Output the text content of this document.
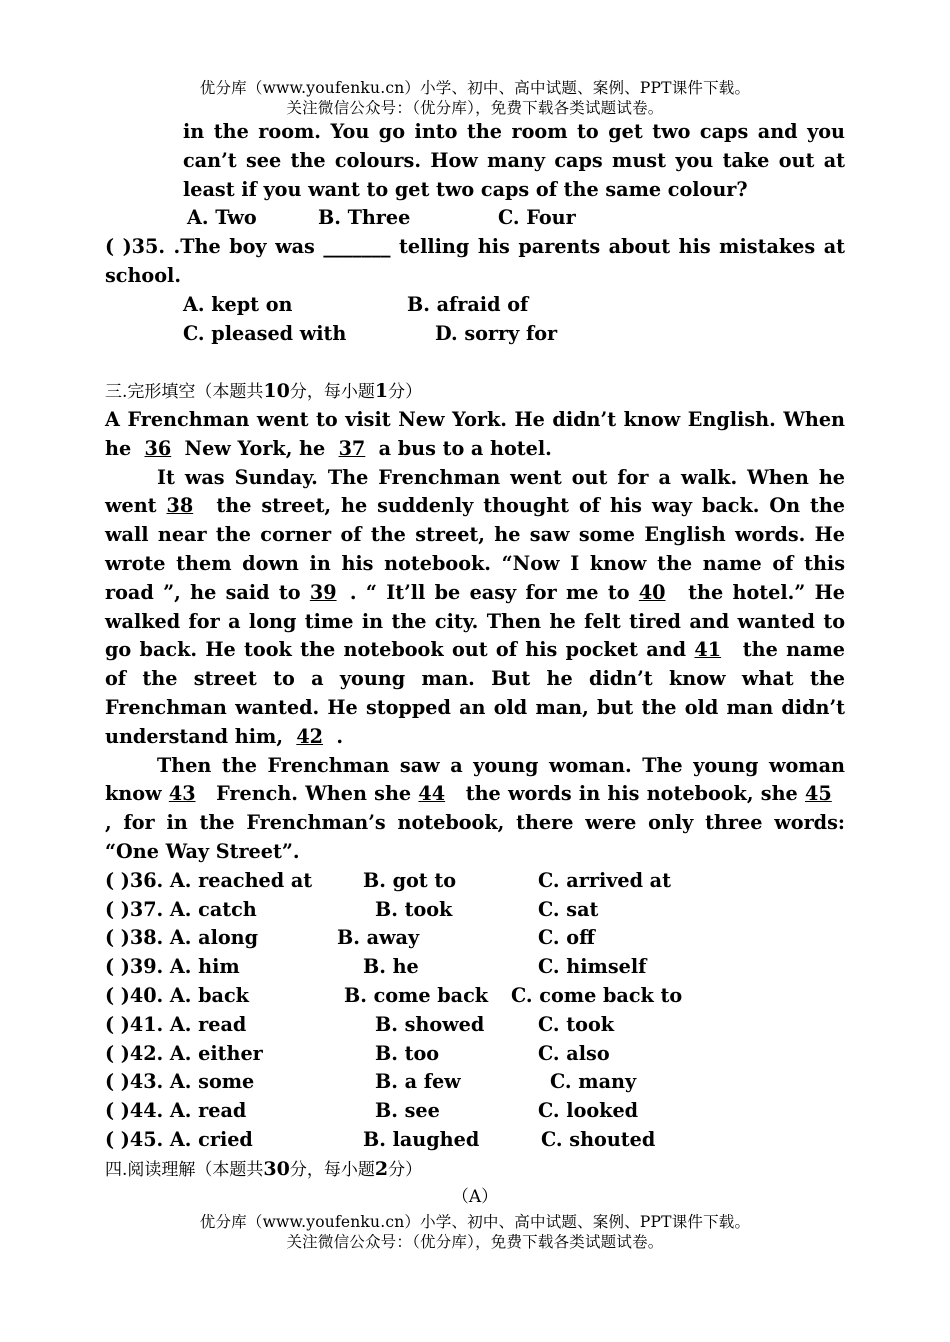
优分库（www.youfenku.cn）小学、初中、高中试题、案例、PPT课件下载。
关注微信公众号：（优分库），免费下载各类试题试卷。
in the room. You go into the room to get two caps and you
can’t see the colours. How many caps must you take out at
least if you want to get two caps of the same colour?
A. Two	B. Three	C. Four
( )35. .The boy was _______ telling his parents about his mistakes at
school.
A. kept on	B. afraid of
C. pleased with	D. sorry for
三.完形填空（本题共10分，每小题1分）
A Frenchman went to visit New York. He didn’t know English. When
he 36 New York, he 37 a bus to a hotel.
It was Sunday. The Frenchman went out for a walk. When he
went 38 the street, he suddenly thought of his way back. On the
wall near the corner of the street, he saw some English words. He
wrote them down in his notebook. “Now I know the name of this
road ”, he said to 39 . “ It’ll be easy for me to 40 the hotel.” He
walked for a long time in the city. Then he felt tired and wanted to
go back. He took the notebook out of his pocket and 41 the name
of the street to a young man. But he didn’t know what the
Frenchman wanted. He stopped an old man, but the old man didn’t
understand him, 42 .
Then the Frenchman saw a young woman. The young woman
know 43 French. When she 44 the words in his notebook, she 45
, for in the Frenchman’s notebook, there were only three words:
“One Way Street”.
( )36. A. reached at	B. got to	C. arrived at
( )37. A. catch	B. took	C. sat
( )38. A. along	B. away	C. off
( )39. A. him	B. he	C. himself
( )40. A. back	B. come back C. come back to
( )41. A. read	B. showed	C. took
( )42. A. either	B. too	C. also
( )43. A. some	B. a few	C. many
( )44. A. read	B. see	C. looked
( )45. A. cried	B. laughed	C. shouted
四.阅读理解（本题共30分，每小题2分）
（A）
优分库（www.youfenku.cn）小学、初中、高中试题、案例、PPT课件下载。
关注微信公众号：（优分库），免费下载各类试题试卷。
